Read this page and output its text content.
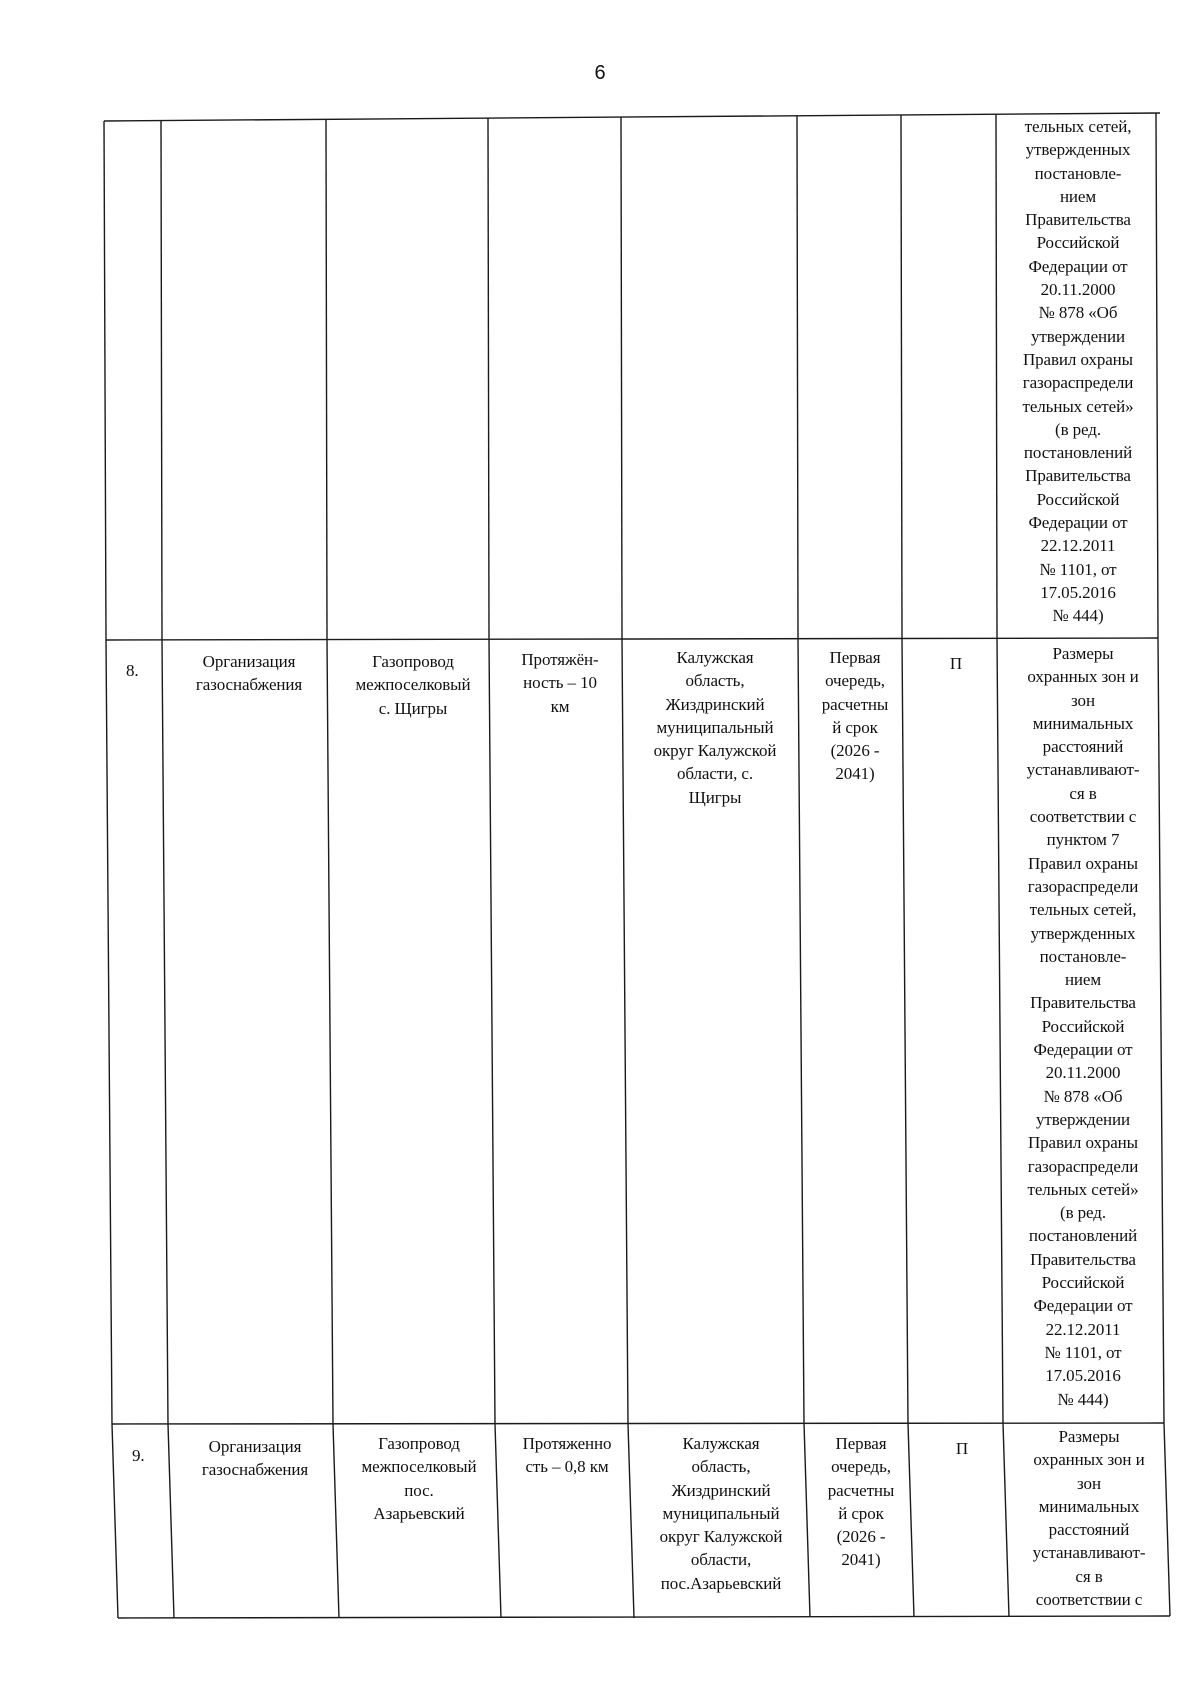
6
тельных сетей,
утвержденных
постановле-
нием
Правительства
Российской
Федерации от
20.11.2000
№ 878 «Об
утверждении
Правил охраны
газораспредели
тельных сетей»
(в ред.
постановлений
Правительства
Российской
Федерации от
22.12.2011
№ 1101, от
17.05.2016
№ 444)
8.	Организация
газоснабжения
Газопровод
межпоселковый
с. Щигры
Протяжён-
ность – 10
км
Калужская
область,
Жиздринский
муниципальный
округ Калужской
области, с.
Щигры
Первая
очередь,
расчетны
й срок
(2026 -
2041)
П
Размеры
охранных зон и
зон
минимальных
расстояний
устанавливают-
ся в
соответствии с
пунктом 7
Правил охраны
газораспредели
тельных сетей,
утвержденных
постановле-
нием
Правительства
Российской
Федерации от
20.11.2000
№ 878 «Об
утверждении
Правил охраны
газораспредели
тельных сетей»
(в ред.
постановлений
Правительства
Российской
Федерации от
22.12.2011
№ 1101, от
17.05.2016
№ 444)
9.	Организация
газоснабжения
Газопровод
межпоселковый
пос.
Азарьевский
Протяженно
сть – 0,8 км
Калужская
область,
Жиздринский
муниципальный
округ Калужской
области,
пос.Азарьевский
Первая
очередь,
расчетны
й срок
(2026 -
2041)
П
Размеры
охранных зон и
зон
минимальных
расстояний
устанавливают-
ся в
соответствии с
